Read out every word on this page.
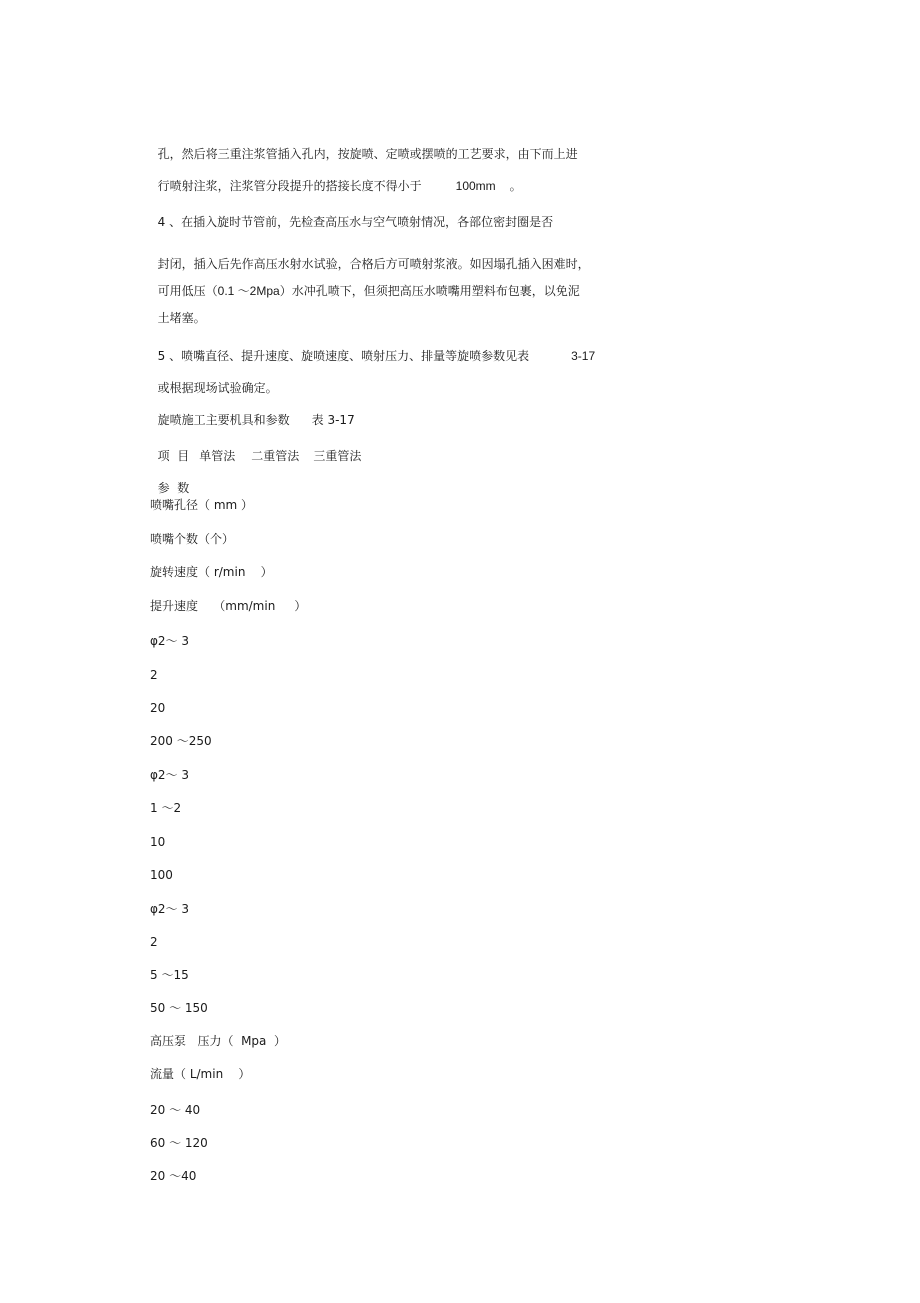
孔，然后将三重注浆管插入孔内，按旋喷、定喷或摆喷的工艺要求，由下而上进

行喷射注浆，注浆管分段提升的搭接长度不得小于	100mm 。

4 、在插入旋时节管前，先检查高压水与空气喷射情况，各部位密封圈是否

封闭，插入后先作高压水射水试验，合格后方可喷射浆液。如因塌孔插入困难时，

可用低压（0.1 ～2Mpa）水冲孔喷下，但须把高压水喷嘴用塑料布包裹，以免泥

土堵塞。

5 、喷嘴直径、提升速度、旋喷速度、喷射压力、排量等旋喷参数见表	3-17

或根据现场试验确定。

旋喷施工主要机具和参数 表 3-17

项  目 单管法 二重管法 三重管法

参  数

喷嘴孔径（ mm ）
喷嘴个数（个）
旋转速度（ r/min    ）
提升速度    （mm/min     ）
φ2～ 3
2
20
200 ～250
φ2～ 3
1 ～2
10
100
φ2～ 3
2
5 ～15
50 ～ 150
高压泵   压力（  Mpa  ）
流量（ L/min    ）
20 ～ 40
60 ～ 120
20 ～40
